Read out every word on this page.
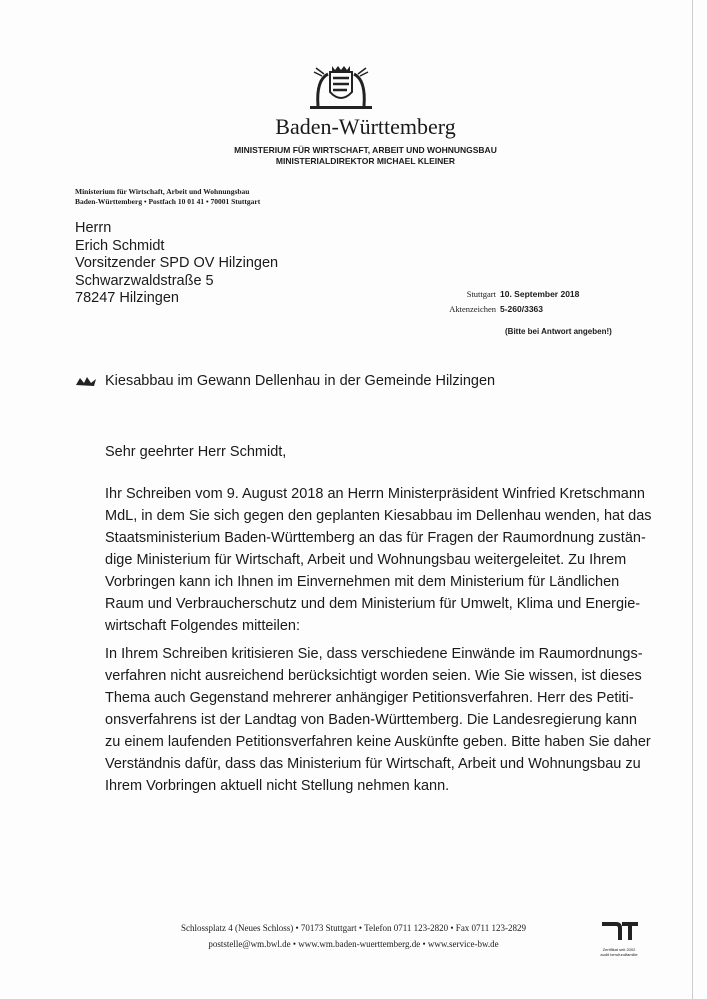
Baden-Württemberg
MINISTERIUM FÜR WIRTSCHAFT, ARBEIT UND WOHNUNGSBAU
MINISTERIALDIREKTOR MICHAEL KLEINER
Ministerium für Wirtschaft, Arbeit und Wohnungsbau
Baden-Württemberg • Postfach 10 01 41 • 70001 Stuttgart
Herrn
Erich Schmidt
Vorsitzender SPD OV Hilzingen
Schwarzwaldstraße 5
78247 Hilzingen	Stuttgart 10. September 2018
Aktenzeichen 5-260/3363
(Bitte bei Antwort angeben!)
Kiesabbau im Gewann Dellenhau in der Gemeinde Hilzingen
Sehr geehrter Herr Schmidt,
Ihr Schreiben vom 9. August 2018 an Herrn Ministerpräsident Winfried Kretschmann
MdL, in dem Sie sich gegen den geplanten Kiesabbau im Dellenhau wenden, hat das
Staatsministerium Baden-Württemberg an das für Fragen der Raumordnung zustän-
dige Ministerium für Wirtschaft, Arbeit und Wohnungsbau weitergeleitet. Zu Ihrem
Vorbringen kann ich Ihnen im Einvernehmen mit dem Ministerium für Ländlichen
Raum und Verbraucherschutz und dem Ministerium für Umwelt, Klima und Energie-
wirtschaft Folgendes mitteilen:
In Ihrem Schreiben kritisieren Sie, dass verschiedene Einwände im Raumordnungs-
verfahren nicht ausreichend berücksichtigt worden seien. Wie Sie wissen, ist dieses
Thema auch Gegenstand mehrerer anhängiger Petitionsverfahren. Herr des Petiti-
onsverfahrens ist der Landtag von Baden-Württemberg. Die Landesregierung kann
zu einem laufenden Petitionsverfahren keine Auskünfte geben. Bitte haben Sie daher
Verständnis dafür, dass das Ministerium für Wirtschaft, Arbeit und Wohnungsbau zu
Ihrem Vorbringen aktuell nicht Stellung nehmen kann.
Schlossplatz 4 (Neues Schloss) • 70173 Stuttgart • Telefon 0711 123-2820 • Fax 0711 123-2829
poststelle@wm.bwl.de • www.wm.baden-wuerttemberg.de • www.service-bw.de
Zertifikat seit 2002
audit berufundfamilie
